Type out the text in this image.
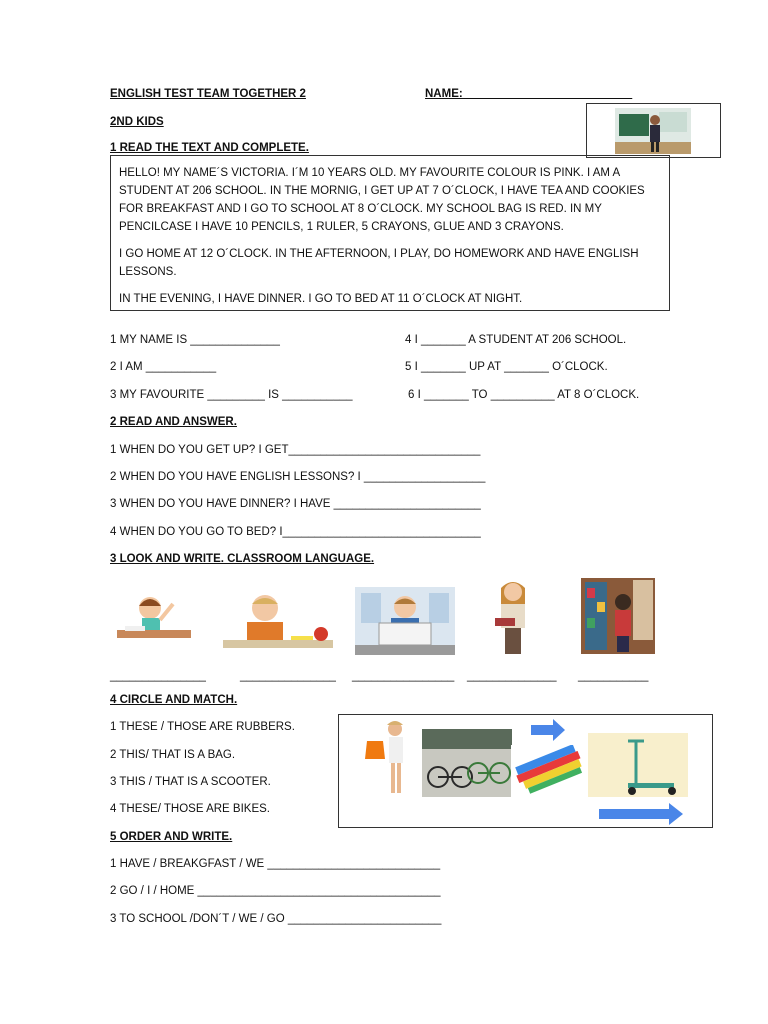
ENGLISH TEST TEAM TOGETHER 2	NAME: __________________________
2ND KIDS
1 READ THE TEXT AND COMPLETE.

HELLO! MY NAME´S VICTORIA. I´M 10 YEARS OLD. MY FAVOURITE COLOUR IS PINK. I AM A STUDENT AT 206 SCHOOL. IN THE MORNIG, I GET UP AT 7 O´CLOCK, I HAVE TEA AND COOKIES FOR BREAKFAST AND I GO TO SCHOOL AT 8 O´CLOCK. MY SCHOOL BAG IS RED. IN MY PENCILCASE I HAVE 10 PENCILS, 1 RULER, 5 CRAYONS, GLUE AND 3 CRAYONS.

I GO HOME AT 12 O´CLOCK. IN THE AFTERNOON, I PLAY, DO HOMEWORK AND HAVE ENGLISH LESSONS.

IN THE EVENING, I HAVE DINNER. I GO TO BED AT 11 O´CLOCK AT NIGHT.

1 MY NAME IS ______________
2 I AM ___________
3 MY FAVOURITE _________ IS ___________
4 I _______ A STUDENT AT 206 SCHOOL.
5 I _______ UP AT _______ O´CLOCK.
6 I _______ TO __________ AT 8 O´CLOCK.
2 READ AND ANSWER.
1 WHEN DO YOU GET UP? I GET______________________________
2 WHEN DO YOU HAVE ENGLISH LESSONS? I ___________________
3 WHEN DO YOU HAVE DINNER? I HAVE _______________________
4 WHEN DO YOU GO TO BED? I_______________________________
3 LOOK AND WRITE. CLASSROOM LANGUAGE.
_______________	_______________ ________________ ______________ ___________
4 CIRCLE AND MATCH.
1 THESE / THOSE ARE RUBBERS.
2 THIS/ THAT IS A BAG.
3 THIS / THAT IS A SCOOTER.
4 THESE/ THOSE ARE BIKES.
5 ORDER AND WRITE.
1 HAVE / BREAKGFAST / WE ___________________________
2 GO / I / HOME ______________________________________
3 TO SCHOOL /DON´T / WE / GO ________________________
